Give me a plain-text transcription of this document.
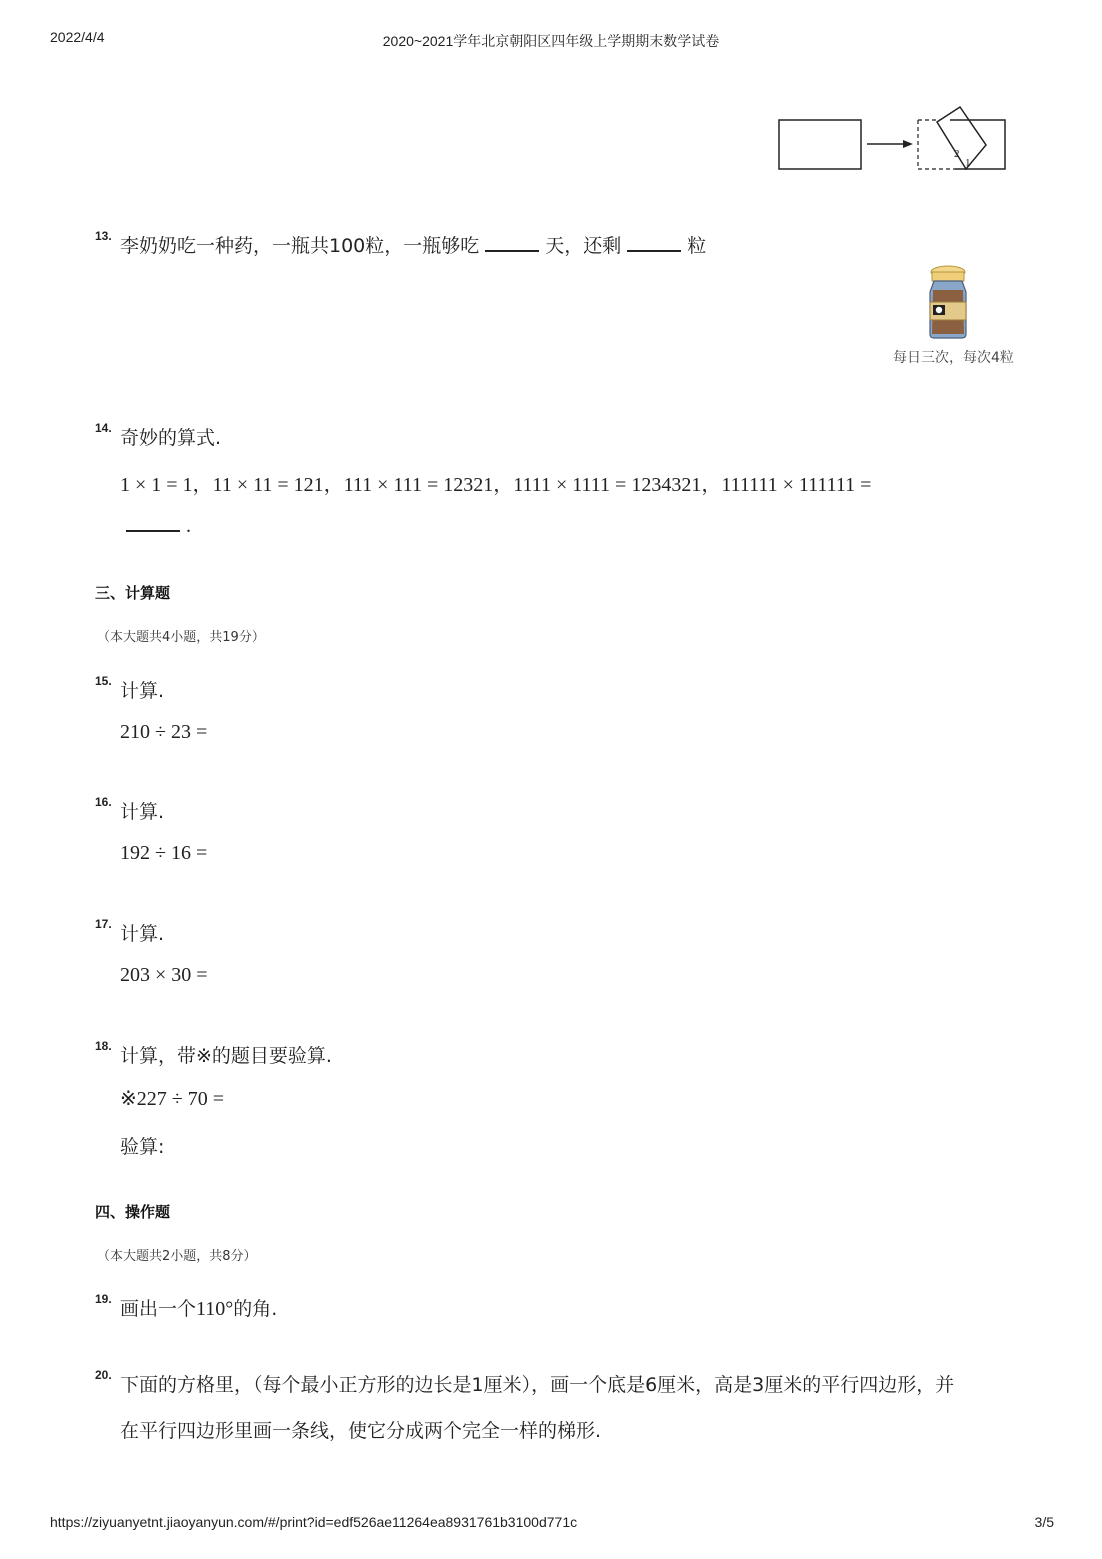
2022/4/4	2020~2021学年北京朝阳区四年级上学期期末数学试卷
2
1
13. 李奶奶吃一种药，一瓶共100粒，一瓶够吃	天，还剩	粒
每日三次，每次4粒
14. 奇妙的算式.
1 × 1 = 1，11 × 11 = 121，111 × 111 = 12321，1111 × 1111 = 1234321，111111 × 111111 =
.
三、计算题
（本大题共4小题，共19分）
15. 计算.
210 ÷ 23 =
16. 计算.
192 ÷ 16 =
17. 计算.
203 × 30 =
18. 计算，带※的题目要验算.
※227 ÷ 70 =
验算:
四、操作题
（本大题共2小题，共8分）
19. 画出一个110°的角.
20. 下面的方格里，（每个最小正方形的边长是1厘米），画一个底是6厘米，高是3厘米的平行四边形，并
在平行四边形里画一条线，使它分成两个完全一样的梯形.
https://ziyuanyetnt.jiaoyanyun.com/#/print?id=edf526ae11264ea8931761b3100d771c	3/5
